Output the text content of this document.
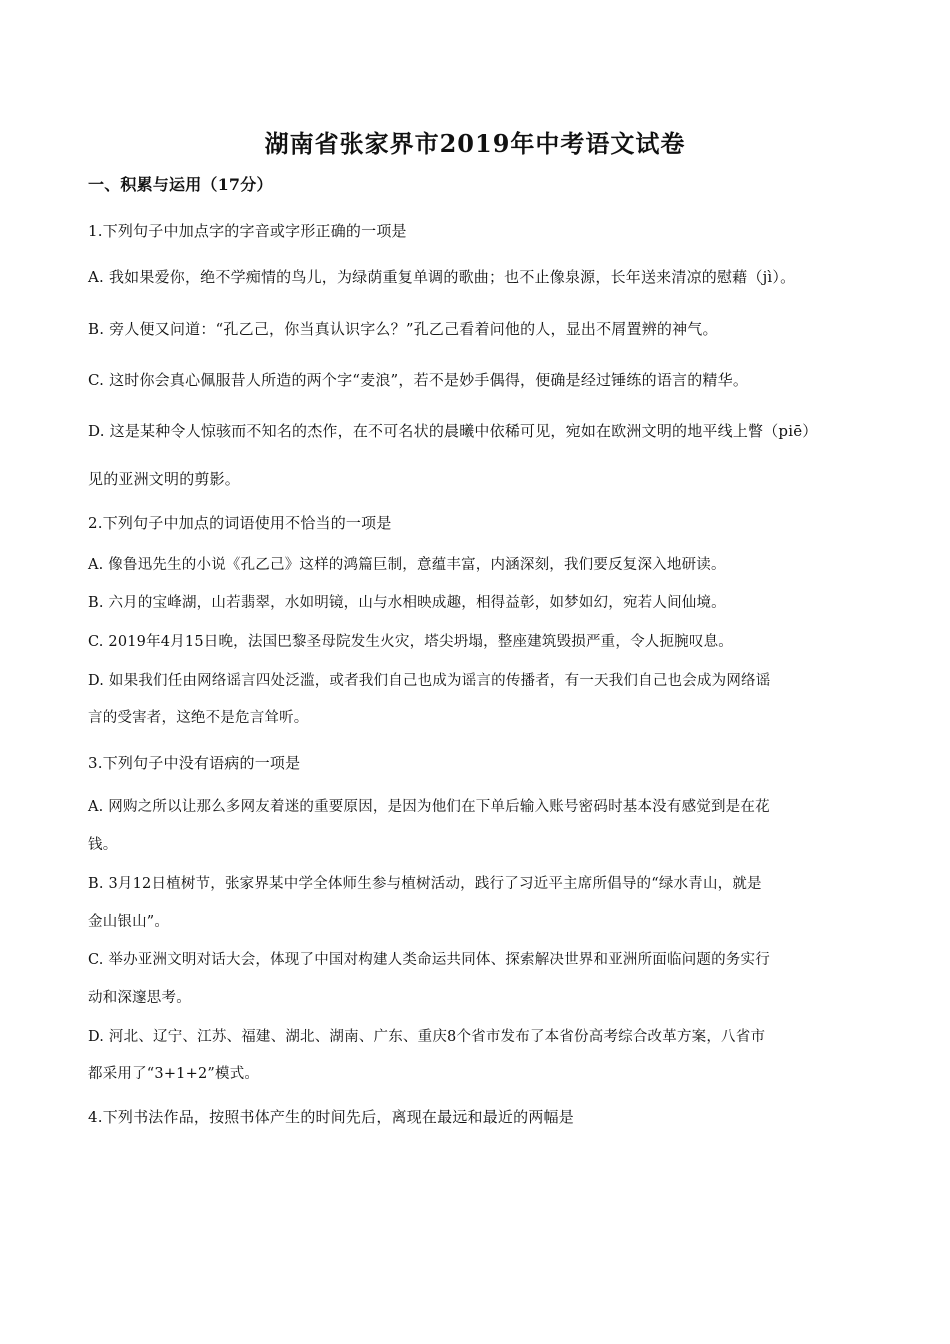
湖南省张家界市2019年中考语文试卷
一、积累与运用（17分）
1.下列句子中加点字的字音或字形正确的一项是
A. 我如果爱你，绝不学痴情的鸟儿，为绿荫重复单调的歌曲；也不止像泉源，长年送来清凉的慰藉（jì）。
B. 旁人便又问道：“孔乙己，你当真认识字么？”孔乙己看着问他的人，显出不屑置辨的神气。
C. 这时你会真心佩服昔人所造的两个字“麦浪”，若不是妙手偶得，便确是经过锤练的语言的精华。
D. 这是某种令人惊骇而不知名的杰作，在不可名状的晨曦中依稀可见，宛如在欧洲文明的地平线上瞥（piē）
见的亚洲文明的剪影。
2.下列句子中加点的词语使用不恰当的一项是
A. 像鲁迅先生的小说《孔乙己》这样的鸿篇巨制，意蕴丰富，内涵深刻，我们要反复深入地研读。
B. 六月的宝峰湖，山若翡翠，水如明镜，山与水相映成趣，相得益彰，如梦如幻，宛若人间仙境。
C. 2019年4月15日晚，法国巴黎圣母院发生火灾，塔尖坍塌，整座建筑毁损严重，令人扼腕叹息。
D. 如果我们任由网络谣言四处泛滥，或者我们自己也成为谣言的传播者，有一天我们自己也会成为网络谣
言的受害者，这绝不是危言耸听。
3.下列句子中没有语病的一项是
A. 网购之所以让那么多网友着迷的重要原因，是因为他们在下单后输入账号密码时基本没有感觉到是在花
钱。
B. 3月12日植树节，张家界某中学全体师生参与植树活动，践行了习近平主席所倡导的“绿水青山，就是
金山银山”。
C. 举办亚洲文明对话大会，体现了中国对构建人类命运共同体、探索解决世界和亚洲所面临问题的务实行
动和深邃思考。
D. 河北、辽宁、江苏、福建、湖北、湖南、广东、重庆8个省市发布了本省份高考综合改革方案，八省市
都采用了“3+1+2”模式。
4.下列书法作品，按照书体产生的时间先后，离现在最远和最近的两幅是
